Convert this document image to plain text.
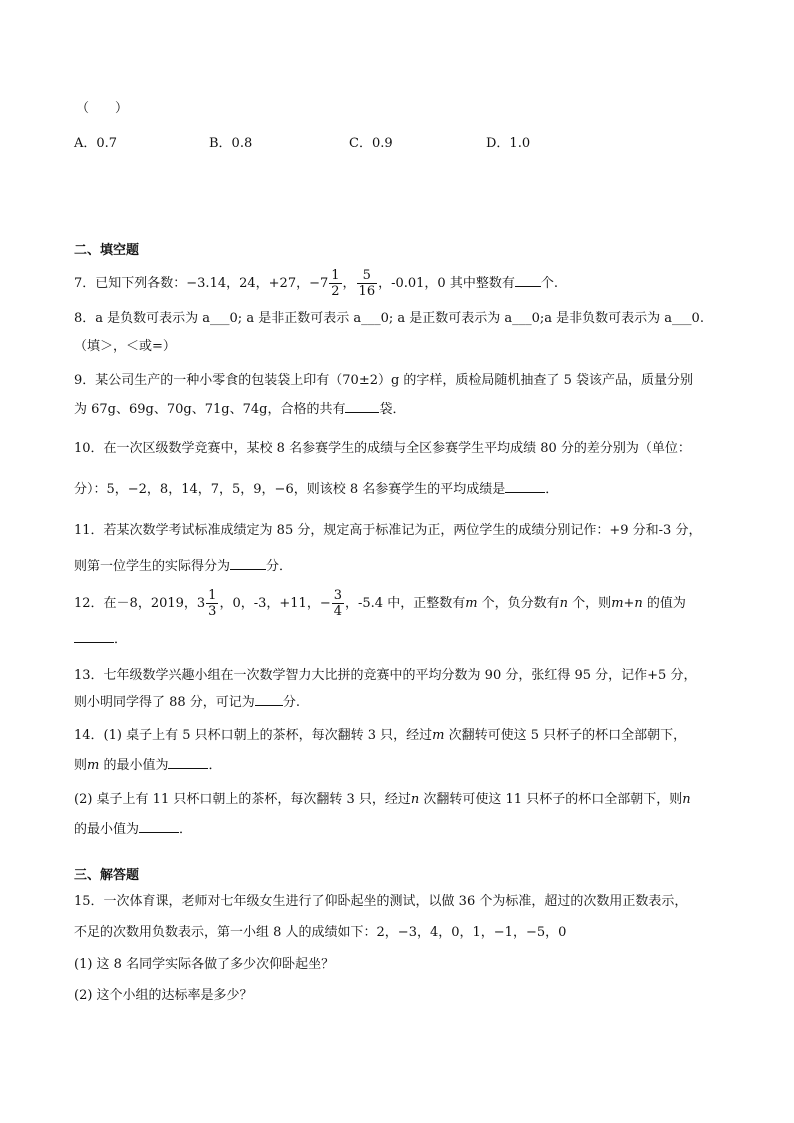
（　　）
A．0.7	B．0.8	C．0.9	D．1.0
二、填空题
7．已知下列各数：−3.14，24，+27，$-7 \frac{1}{2}$ ， $\frac{5}{16}$ ，-0.01，0 其中整数有 个.
8．a 是负数可表示为 a___0; a 是非正数可表示 a___0; a 是正数可表示为 a___0;a 是非负数可表示为 a___0.
（填＞，＜或=）
9．某公司生产的一种小零食的包装袋上印有（70±2）g 的字样，质检局随机抽查了 5 袋该产品，质量分别
为 67g、69g、70g、71g、74g，合格的共有	袋．
10．在一次区级数学竞赛中，某校 8 名参赛学生的成绩与全区参赛学生平均成绩 80 分的差分别为（单位：
分）：5，−2，8，14，7，5，9，−6，则该校 8 名参赛学生的平均成绩是	．
11．若某次数学考试标准成绩定为 85 分，规定高于标准记为正，两位学生的成绩分别记作：+9 分和-3 分，
则第一位学生的实际得分为	分．
12．在－8，2019，$3 \frac{1}{3}$ ，0，-3，+11，− $\frac{3}{4}$ ，-5.4 中，正整数有m 个，负分数有n 个，则m+n 的值为
．
13．七年级数学兴趣小组在一次数学智力大比拼的竞赛中的平均分数为 90 分，张红得 95 分，记作+5 分，
则小明同学得了 88 分，可记为 分.
14．(1) 桌子上有 5 只杯口朝上的茶杯，每次翻转 3 只，经过m 次翻转可使这 5 只杯子的杯口全部朝下，
则m 的最小值为	．
(2) 桌子上有 11 只杯口朝上的茶杯，每次翻转 3 只，经过n 次翻转可使这 11 只杯子的杯口全部朝下，则n
的最小值为	．
三、解答题
15．一次体育课，老师对七年级女生进行了仰卧起坐的测试，以做 36 个为标准，超过的次数用正数表示，
不足的次数用负数表示，第一小组 8 人的成绩如下：2，−3，4，0，1，−1，−5，0
(1) 这 8 名同学实际各做了多少次仰卧起坐？
(2) 这个小组的达标率是多少？
